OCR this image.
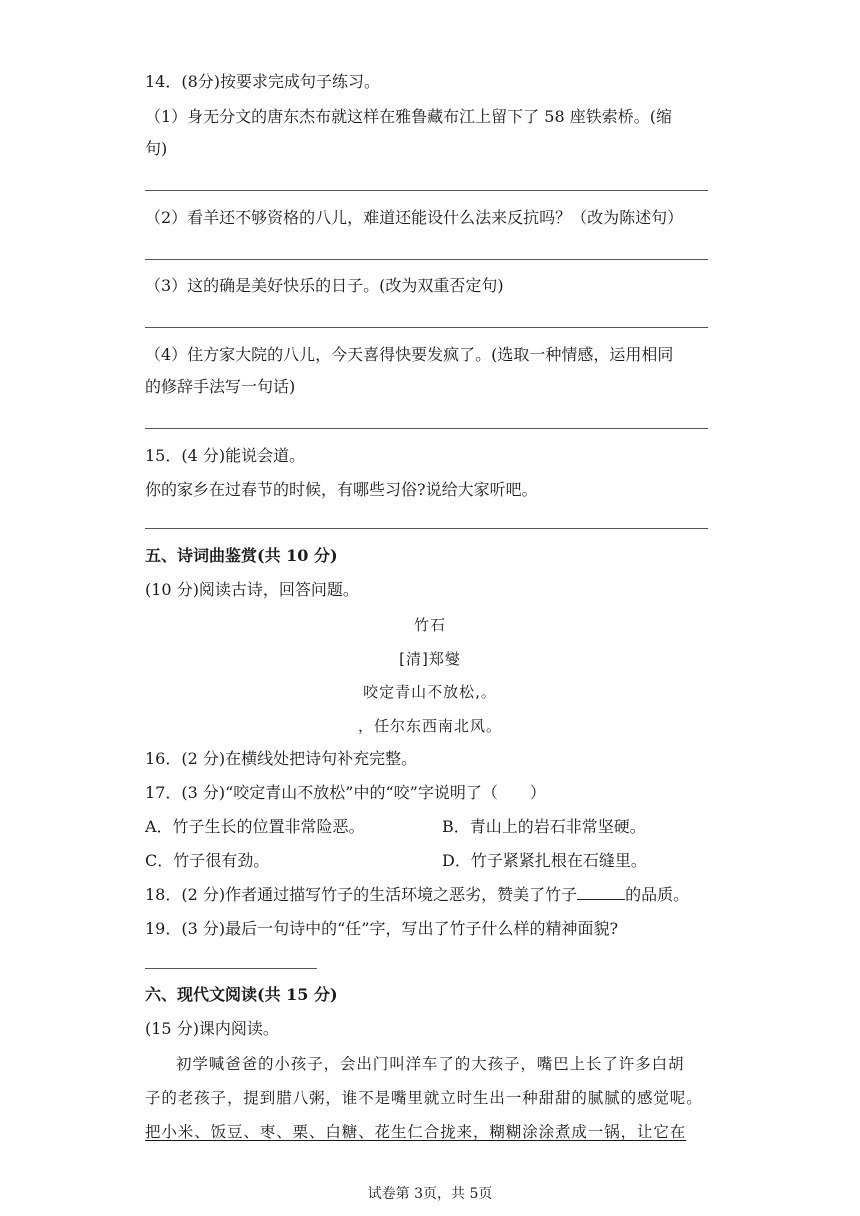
14．(8分)按要求完成句子练习。
（1）身无分文的唐东杰布就这样在雅鲁藏布江上留下了 58 座铁索桥。(缩
句)
（2）看羊还不够资格的八儿，难道还能设什么法来反抗吗？（改为陈述句）
（3）这的确是美好快乐的日子。(改为双重否定句)
（4）住方家大院的八儿，今天喜得快要发疯了。(选取一种情感，运用相同
的修辞手法写一句话)
15．(4 分)能说会道。
你的家乡在过春节的时候，有哪些习俗?说给大家听吧。
五、诗词曲鉴赏(共 10 分)
(10 分)阅读古诗，回答问题。
竹石
[清]郑燮
咬定青山不放松,。
，任尔东西南北风。
16．(2 分)在横线处把诗句补充完整。
17．(3 分)“咬定青山不放松”中的“咬”字说明了（　　）
A．竹子生长的位置非常险恶。	B．青山上的岩石非常坚硬。
C．竹子很有劲。	D．竹子紧紧扎根在石缝里。
18．(2 分)作者通过描写竹子的生活环境之恶劣，赞美了竹子	的品质。
19．(3 分)最后一句诗中的“任”字，写出了竹子什么样的精神面貌?
六、现代文阅读(共 15 分)
(15 分)课内阅读。
初学喊爸爸的小孩子，会出门叫洋车了的大孩子，嘴巴上长了许多白胡
子的老孩子，提到腊八粥，谁不是嘴里就立时生出一种甜甜的腻腻的感觉呢。
把小米、饭豆、枣、栗、白糖、花生仁合拢来，糊糊涂涂煮成一锅，让它在
试卷第 3页，共 5页
